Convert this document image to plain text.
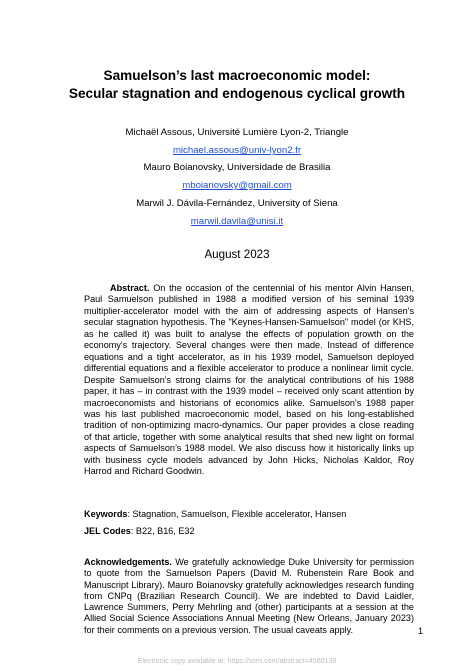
Samuelson’s last macroeconomic model:
Secular stagnation and endogenous cyclical growth
Michaël Assous, Université Lumière Lyon-2, Triangle
michael.assous@univ-lyon2.fr
Mauro Boianovsky, Universidade de Brasilia
mboianovsky@gmail.com
Marwil J. Dávila-Fernández, University of Siena
marwil.davila@unisi.it
August 2023

Abstract. On the occasion of the centennial of his mentor Alvin Hansen, Paul Samuelson published in 1988 a modified version of his seminal 1939 multiplier-accelerator model with the aim of addressing aspects of Hansen's secular stagnation hypothesis. The "Keynes-Hansen-Samuelson" model (or KHS, as he called it) was built to analyse the effects of population growth on the economy's trajectory. Several changes were then made. Instead of difference equations and a tight accelerator, as in his 1939 model, Samuelson deployed differential equations and a flexible accelerator to produce a nonlinear limit cycle. Despite Samuelson's strong claims for the analytical contributions of his 1988 paper, it has – in contrast with the 1939 model – received only scant attention by macroeconomists and historians of economics alike. Samuelson's 1988 paper was his last published macroeconomic model, based on his long-established tradition of non-optimizing macro-dynamics. Our paper provides a close reading of that article, together with some analytical results that shed new light on formal aspects of Samuelson’s 1988 model. We also discuss how it historically links up with business cycle models advanced by John Hicks, Nicholas Kaldor, Roy Harrod and Richard Goodwin.

Keywords: Stagnation, Samuelson, Flexible accelerator, Hansen
JEL Codes: B22, B16, E32

Acknowledgements. We gratefully acknowledge Duke University for permission to quote from the Samuelson Papers (David M. Rubenstein Rare Book and Manuscript Library). Mauro Boianovsky gratefully acknowledges research funding from CNPq (Brazilian Research Council). We are indebted to David Laidler, Lawrence Summers, Perry Mehrling and (other) participants at a session at the Allied Social Science Associations Annual Meeting (New Orleans, January 2023) for their comments on a previous version. The usual caveats apply.	1
Electronic copy available at: https://ssrn.com/abstract=4560139
